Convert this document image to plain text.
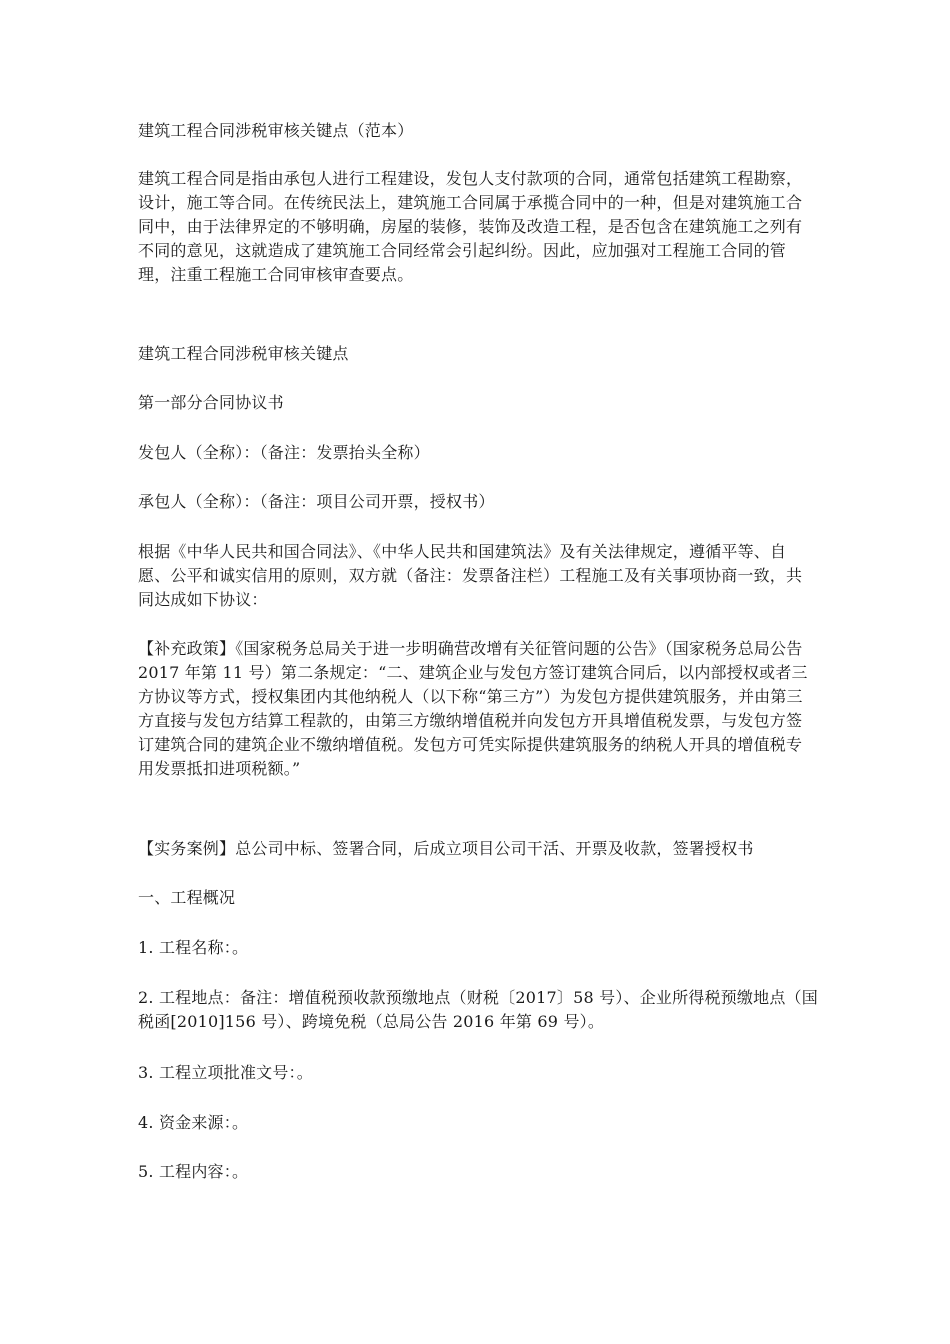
建筑工程合同涉税审核关键点（范本）

建筑工程合同是指由承包人进行工程建设，发包人支付款项的合同，通常包括建筑工程勘察，设计，施工等合同。在传统民法上，建筑施工合同属于承揽合同中的一种，但是对建筑施工合同中，由于法律界定的不够明确，房屋的装修，装饰及改造工程，是否包含在建筑施工之列有不同的意见，这就造成了建筑施工合同经常会引起纠纷。因此，应加强对工程施工合同的管理，注重工程施工合同审核审查要点。

建筑工程合同涉税审核关键点

第一部分合同协议书

发包人（全称）：（备注：发票抬头全称）

承包人（全称）：（备注：项目公司开票，授权书）

根据《中华人民共和国合同法》、《中华人民共和国建筑法》及有关法律规定，遵循平等、自愿、公平和诚实信用的原则，双方就（备注：发票备注栏）工程施工及有关事项协商一致，共同达成如下协议：

【补充政策】《国家税务总局关于进一步明确营改增有关征管问题的公告》（国家税务总局公告 2017 年第 11 号）第二条规定：“二、建筑企业与发包方签订建筑合同后，以内部授权或者三方协议等方式，授权集团内其他纳税人（以下称“第三方”）为发包方提供建筑服务，并由第三方直接与发包方结算工程款的，由第三方缴纳增值税并向发包方开具增值税发票，与发包方签订建筑合同的建筑企业不缴纳增值税。发包方可凭实际提供建筑服务的纳税人开具的增值税专用发票抵扣进项税额。”

【实务案例】总公司中标、签署合同，后成立项目公司干活、开票及收款，签署授权书

一、工程概况

1. 工程名称：。

2. 工程地点：备注：增值税预收款预缴地点（财税〔2017〕58 号）、企业所得税预缴地点（国税函[2010]156 号）、跨境免税（总局公告 2016 年第 69 号）。

3. 工程立项批准文号：。

4. 资金来源：。

5. 工程内容：。
